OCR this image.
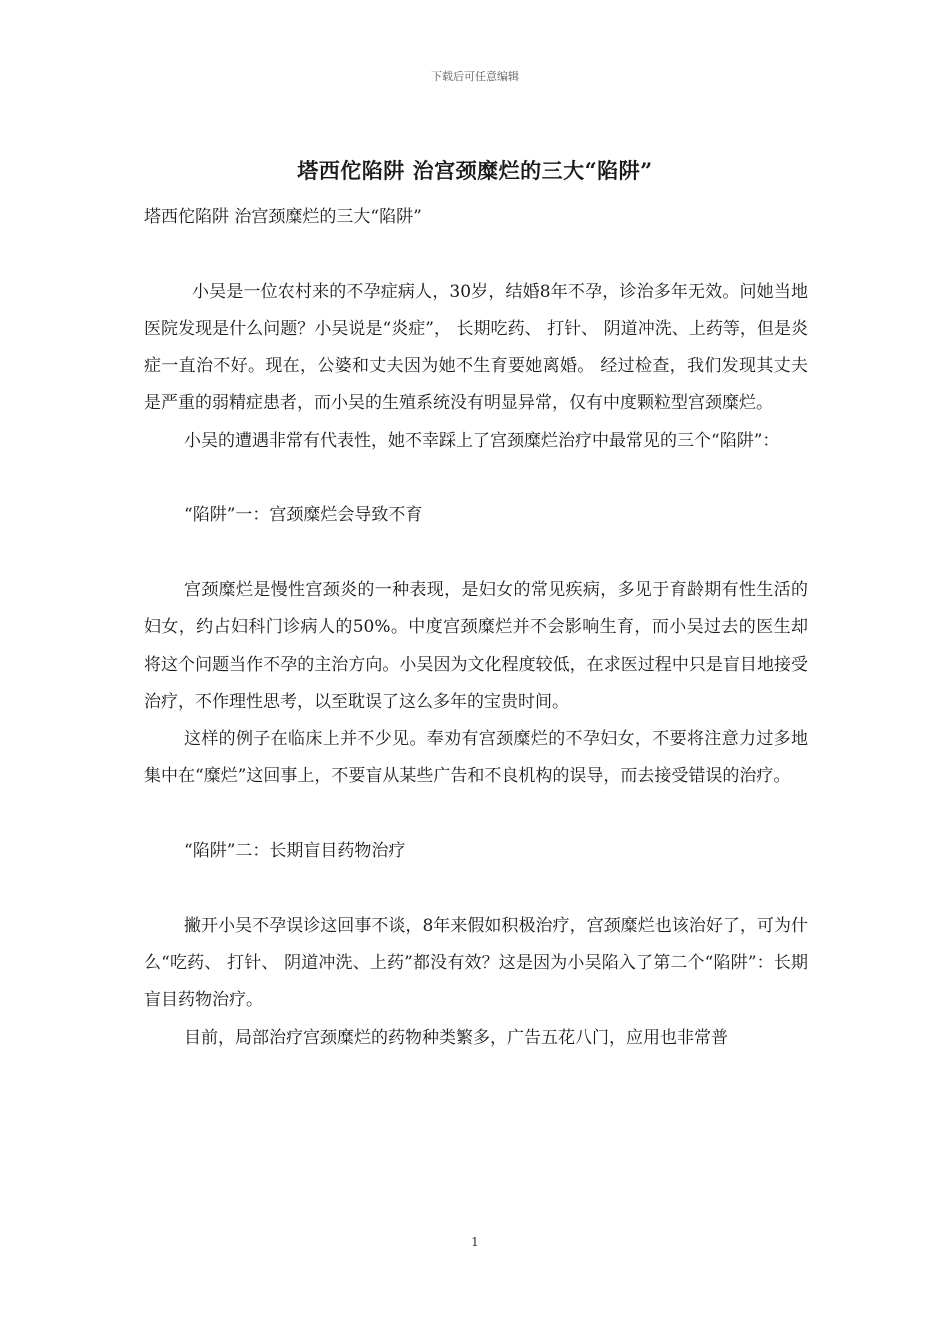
下载后可任意编辑
塔西佗陷阱 治宫颈糜烂的三大“陷阱”

塔西佗陷阱 治宫颈糜烂的三大“陷阱”

小吴是一位农村来的不孕症病人，30岁，结婚8年不孕，诊治多年无效。问她当地医院发现是什么问题？小吴说是“炎症”， 长期吃药、 打针、 阴道冲洗、上药等，但是炎症一直治不好。现在，公婆和丈夫因为她不生育要她离婚。 经过检查，我们发现其丈夫是严重的弱精症患者，而小吴的生殖系统没有明显异常，仅有中度颗粒型宫颈糜烂。

小吴的遭遇非常有代表性，她不幸踩上了宫颈糜烂治疗中最常见的三个“陷阱”：

“陷阱”一：宫颈糜烂会导致不育

宫颈糜烂是慢性宫颈炎的一种表现，是妇女的常见疾病，多见于育龄期有性生活的妇女，约占妇科门诊病人的50%。中度宫颈糜烂并不会影响生育，而小吴过去的医生却将这个问题当作不孕的主治方向。小吴因为文化程度较低，在求医过程中只是盲目地接受治疗，不作理性思考，以至耽误了这么多年的宝贵时间。

这样的例子在临床上并不少见。奉劝有宫颈糜烂的不孕妇女，不要将注意力过多地集中在“糜烂”这回事上，不要盲从某些广告和不良机构的误导，而去接受错误的治疗。

“陷阱”二：长期盲目药物治疗

撇开小吴不孕误诊这回事不谈，8年来假如积极治疗，宫颈糜烂也该治好了，可为什么“吃药、 打针、 阴道冲洗、上药”都没有效？这是因为小吴陷入了第二个“陷阱”：长期盲目药物治疗。

目前，局部治疗宫颈糜烂的药物种类繁多，广告五花八门，应用也非常普

1
